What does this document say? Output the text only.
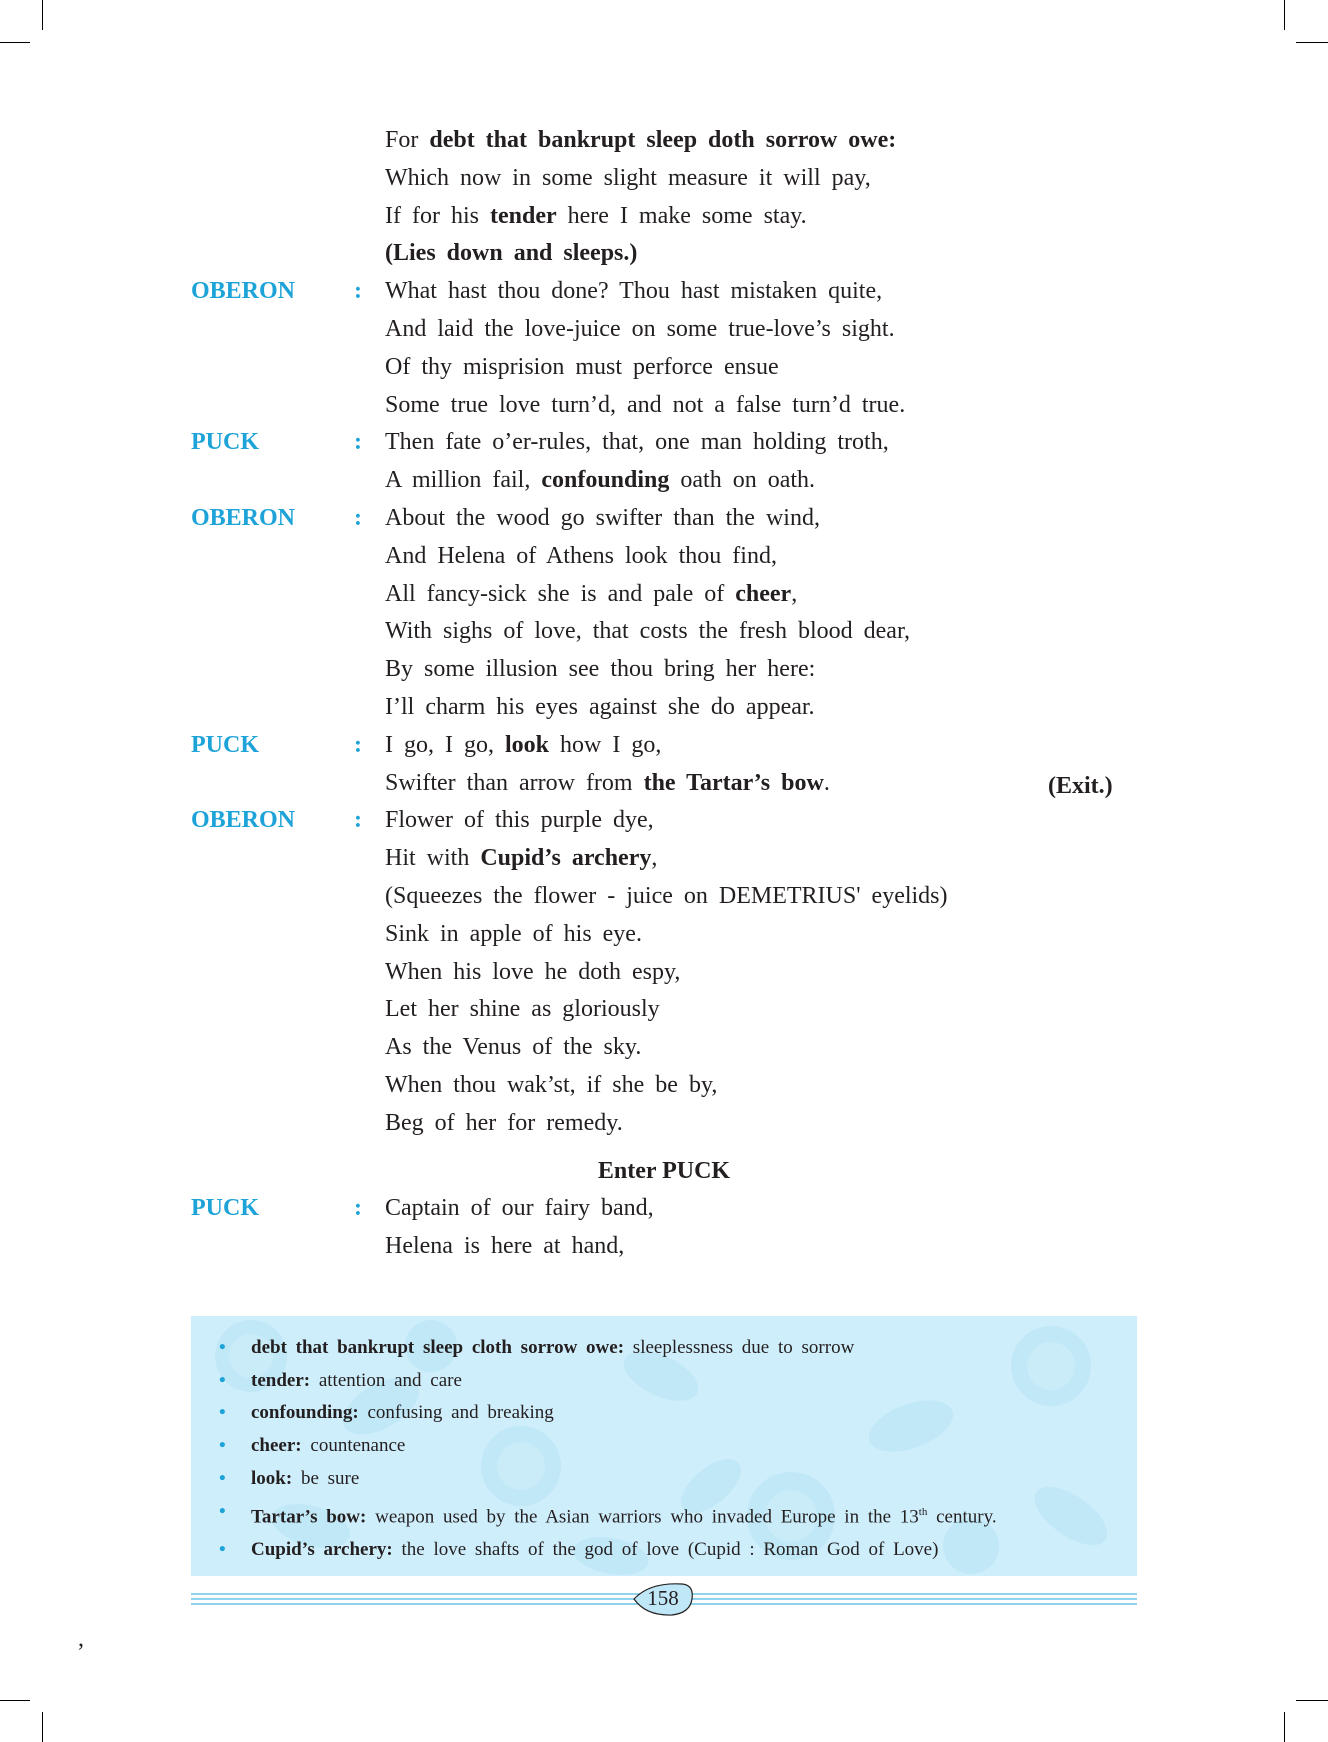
For debt that bankrupt sleep doth sorrow owe:
Which now in some slight measure it will pay,
If for his tender here I make some stay.
(Lies down and sleeps.)
OBERON : What hast thou done? Thou hast mistaken quite,
And laid the love-juice on some true-love’s sight.
Of thy misprision must perforce ensue
Some true love turn’d, and not a false turn’d true.
PUCK	: Then fate o’er-rules, that, one man holding troth,
A million fail, confounding oath on oath.
OBERON : About the wood go swifter than the wind,
And Helena of Athens look thou find,
All fancy-sick she is and pale of cheer,
With sighs of love, that costs the fresh blood dear,
By some illusion see thou bring her here:
I’ll charm his eyes against she do appear.
PUCK	: I go, I go, look how I go,
Swifter than arrow from the Tartar’s bow.
OBERON : Flower of this purple dye,
Hit with Cupid’s archery,
(Squeezes the flower - juice on DEMETRIUS' eyelids)
Sink in apple of his eye.
When his love he doth espy,
Let her shine as gloriously
As the Venus of the sky.
When thou wak’st, if she be by,
Beg of her for remedy.
(Exit.)
Enter PUCK
PUCK	: Captain of our fairy band,
Helena is here at hand,
• debt that bankrupt sleep cloth sorrow owe: sleeplessness due to sorrow
• tender: attention and care
• confounding: confusing and breaking
• cheer: countenance
• look: be sure
• Tartar’s bow: weapon used by the Asian warriors who invaded Europe in the 13th century.
• Cupid’s archery: the love shafts of the god of love (Cupid : Roman God of Love)
158
,
